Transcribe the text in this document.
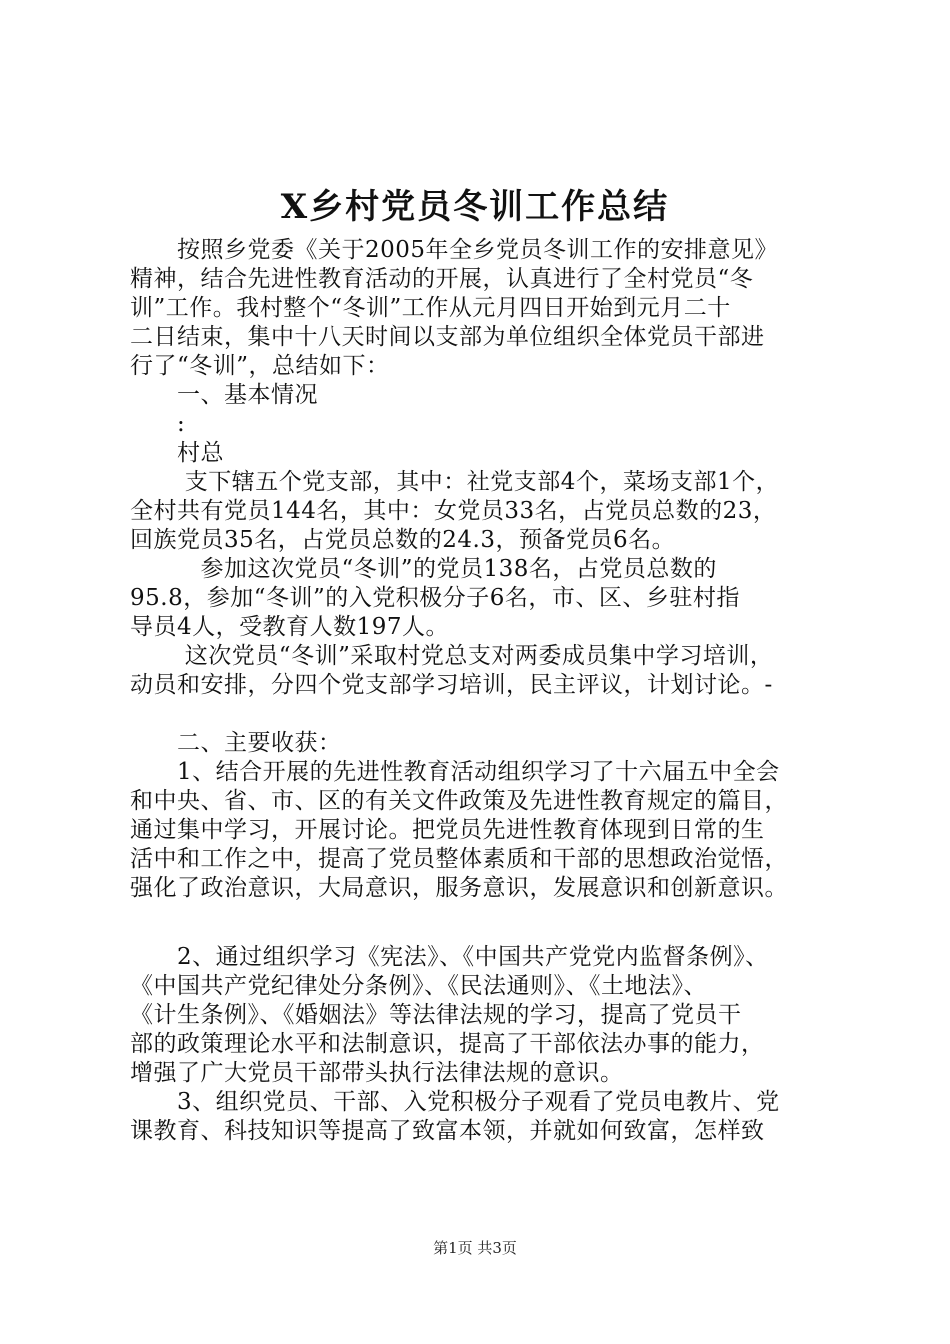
X乡村党员冬训工作总结
　　按照乡党委《关于2005年全乡党员冬训工作的安排意见》
精神，结合先进性教育活动的开展，认真进行了全村党员“冬
训”工作。我村整个“冬训”工作从元月四日开始到元月二十
二日结束，集中十八天时间以支部为单位组织全体党员干部进
行了“冬训”，总结如下：
　　一、基本情况
　　:
　　村总
　　 支下辖五个党支部，其中：社党支部4个，菜场支部1个，
全村共有党员144名，其中：女党员33名，占党员总数的23，
回族党员35名，占党员总数的24.3，预备党员6名。
　　　参加这次党员“冬训”的党员138名，占党员总数的
95.8，参加“冬训”的入党积极分子6名，市、区、乡驻村指
导员4人，受教育人数197人。
　　 这次党员“冬训”采取村党总支对两委成员集中学习培训，
动员和安排，分四个党支部学习培训，民主评议，计划讨论。-
　　二、主要收获：
　　1、结合开展的先进性教育活动组织学习了十六届五中全会
和中央、省、市、区的有关文件政策及先进性教育规定的篇目，
通过集中学习，开展讨论。把党员先进性教育体现到日常的生
活中和工作之中，提高了党员整体素质和干部的思想政治觉悟，
强化了政治意识，大局意识，服务意识，发展意识和创新意识。
　　2、通过组织学习《宪法》、《中国共产党党内监督条例》、
《中国共产党纪律处分条例》、《民法通则》、《土地法》、
《计生条例》、《婚姻法》等法律法规的学习，提高了党员干
部的政策理论水平和法制意识，提高了干部依法办事的能力，
增强了广大党员干部带头执行法律法规的意识。
　　3、组织党员、干部、入党积极分子观看了党员电教片、党
课教育、科技知识等提高了致富本领，并就如何致富，怎样致
第1页 共3页
